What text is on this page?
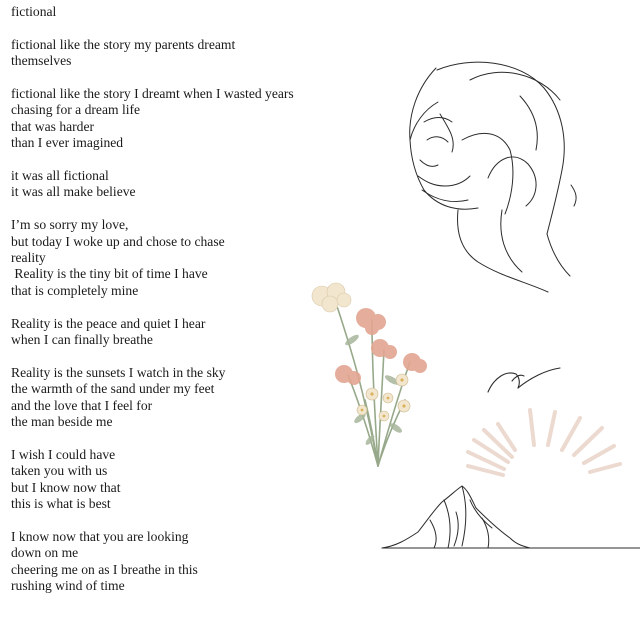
fictional
fictional like the story my parents dreamt
themselves
fictional like the story I dreamt when I wasted years
chasing for a dream life
that was harder
than I ever imagined
it was all fictional
it was all make believe
I’m so sorry my love,
but today I woke up and chose to chase
reality
Reality is the tiny bit of time I have
that is completely mine
Reality is the peace and quiet I hear
when I can finally breathe
Reality is the sunsets I watch in the sky
the warmth of the sand under my feet
and the love that I feel for
the man beside me
I wish I could have
taken you with us
but I know now that
this is what is best
I know now that you are looking
down on me
cheering me on as I breathe in this
rushing wind of time
